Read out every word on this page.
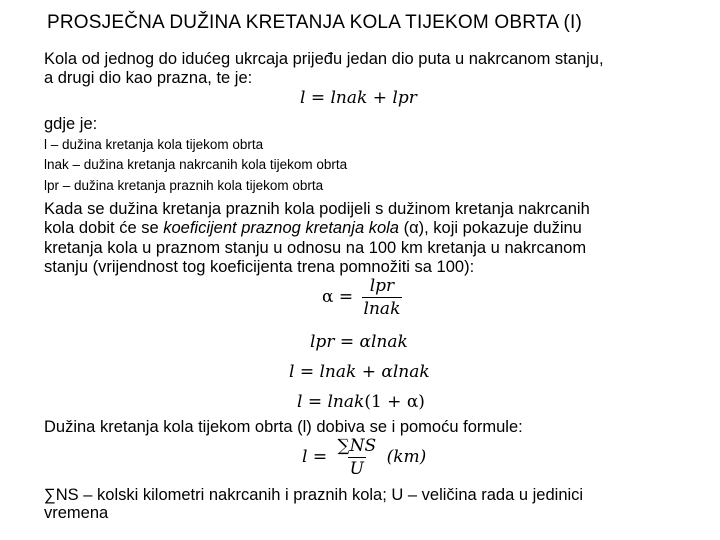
PROSJEČNA DUŽINA KRETANJA KOLA TIJEKOM OBRTA (I)
Kola od jednog do idućeg ukrcaja prijeđu jedan dio puta u nakrcanom stanju,
a drugi dio kao prazna, te je:
l = lnak + lpr
gdje je:
l – dužina kretanja kola tijekom obrta
lnak – dužina kretanja nakrcanih kola tijekom obrta
lpr – dužina kretanja praznih kola tijekom obrta
Kada se dužina kretanja praznih kola podijeli s dužinom kretanja nakrcanih
kola dobit će se koeficijent praznog kretanja kola (α), koji pokazuje dužinu
kretanja kola u praznom stanju u odnosu na 100 km kretanja u nakrcanom
stanju (vrijendnost tog koeficijenta trena pomnožiti sa 100):
$\alpha = \frac{\text{lpr}}{\text{lnak}}$
lpr = αlnak
l = lnak + αlnak
l = lnak(1 + α)
Dužina kretanja kola tijekom obrta (l) dobiva se i pomoću formule:
$l = \frac{\sum NS}{U} (km)$
∑NS – kolski kilometri nakrcanih i praznih kola; U – veličina rada u jedinici
vremena
